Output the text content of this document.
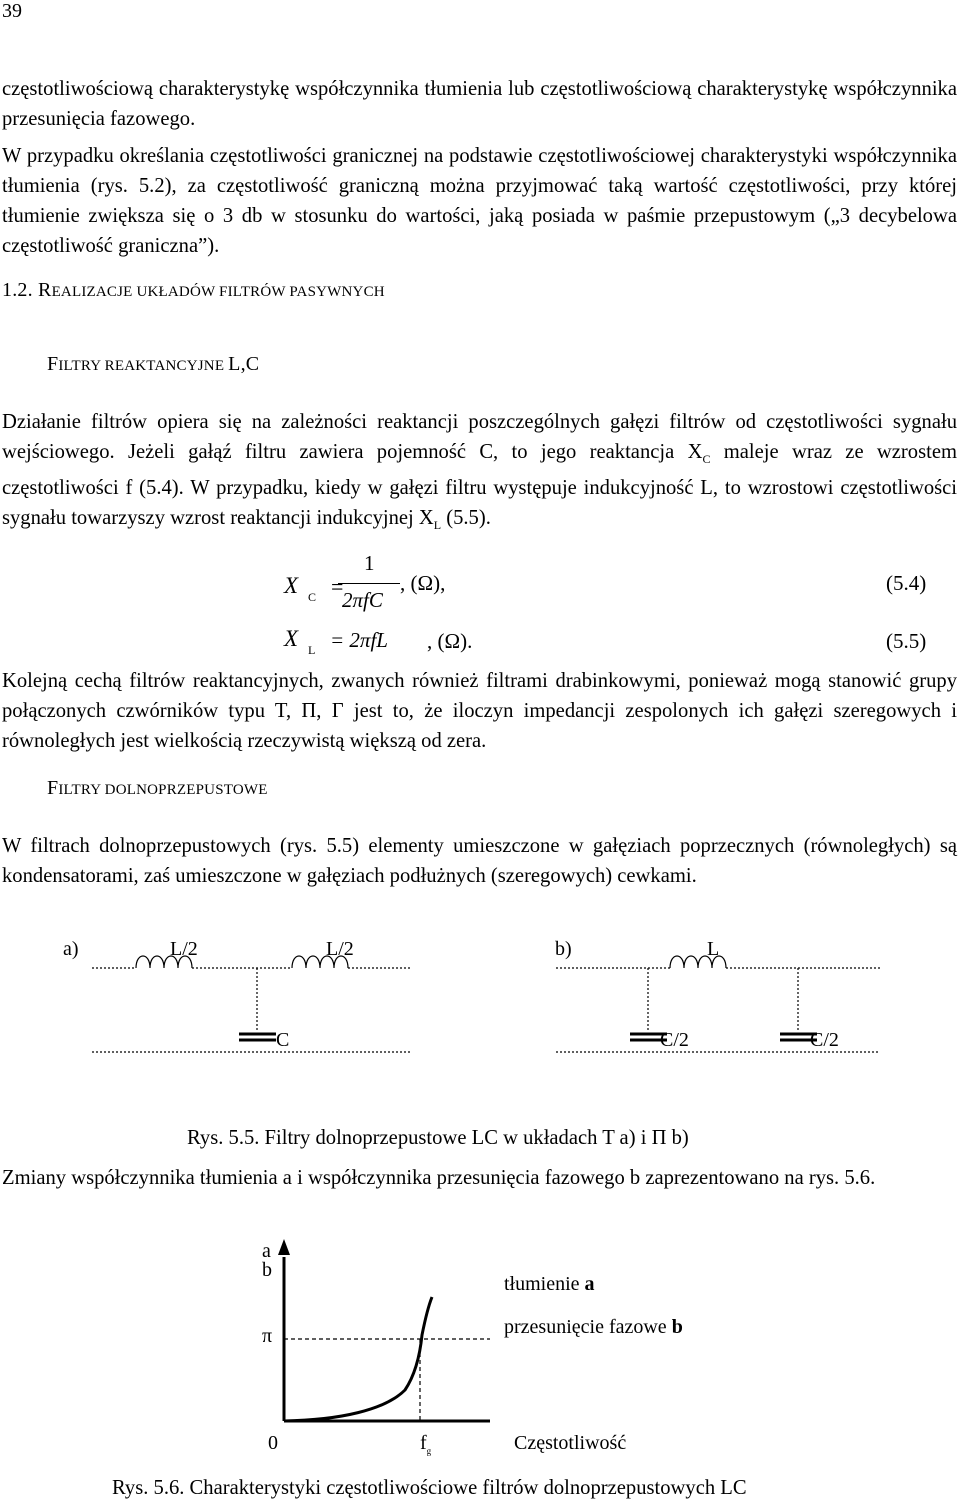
39
częstotliwościową charakterystykę współczynnika tłumienia lub częstotliwościową charakterystykę współczynnika przesunięcia fazowego.
W przypadku określania częstotliwości granicznej na podstawie częstotliwościowej charakterystyki współczynnika tłumienia (rys. 5.2), za częstotliwość graniczną można przyjmować taką wartość częstotliwości, przy której tłumienie zwiększa się o 3 db w stosunku do wartości, jaką posiada w paśmie przepustowym („3 decybelowa częstotliwość graniczna”).
1.2. REALIZACJE UKŁADÓW FILTRÓW PASYWNYCH
FILTRY REAKTANCYJNE L,C
Działanie filtrów opiera się na zależności reaktancji poszczególnych gałęzi filtrów od częstotliwości sygnału wejściowego. Jeżeli gałąź filtru zawiera pojemność C, to jego reaktancja $X_C$ maleje wraz ze wzrostem częstotliwości f (5.4). W przypadku, kiedy w gałęzi filtru występuje indukcyjność L, to wzrostowi częstotliwości sygnału towarzyszy wzrost reaktancji indukcyjnej $X_L$ (5.5).
X C =
1
2πfC
, (Ω),	(5.4)
X L = 2πfL , (Ω).	(5.5)
Kolejną cechą filtrów reaktancyjnych, zwanych również filtrami drabinkowymi, ponieważ mogą stanowić grupy połączonych czwórników typu T, Π, Γ jest to, że iloczyn impedancji zespolonych ich gałęzi szeregowych i równoległych jest wielkością rzeczywistą większą od zera.
FILTRY DOLNOPRZEPUSTOWE
W filtrach dolnoprzepustowych (rys. 5.5) elementy umieszczone w gałęziach poprzecznych (równoległych) są kondensatorami, zaś umieszczone w gałęziach podłużnych (szeregowych) cewkami.
a)	L/2	L/2
C
b)	L
C/2	C/2
Rys. 5.5. Filtry dolnoprzepustowe LC w układach T a) i Π b)
Zmiany współczynnika tłumienia a i współczynnika przesunięcia fazowego b zaprezentowano na rys. 5.6.
a
b
π
tłumienie a
przesunięcie fazowe b
0	$f_g$	Częstotliwość
Rys. 5.6. Charakterystyki częstotliwościowe filtrów dolnoprzepustowych LC
